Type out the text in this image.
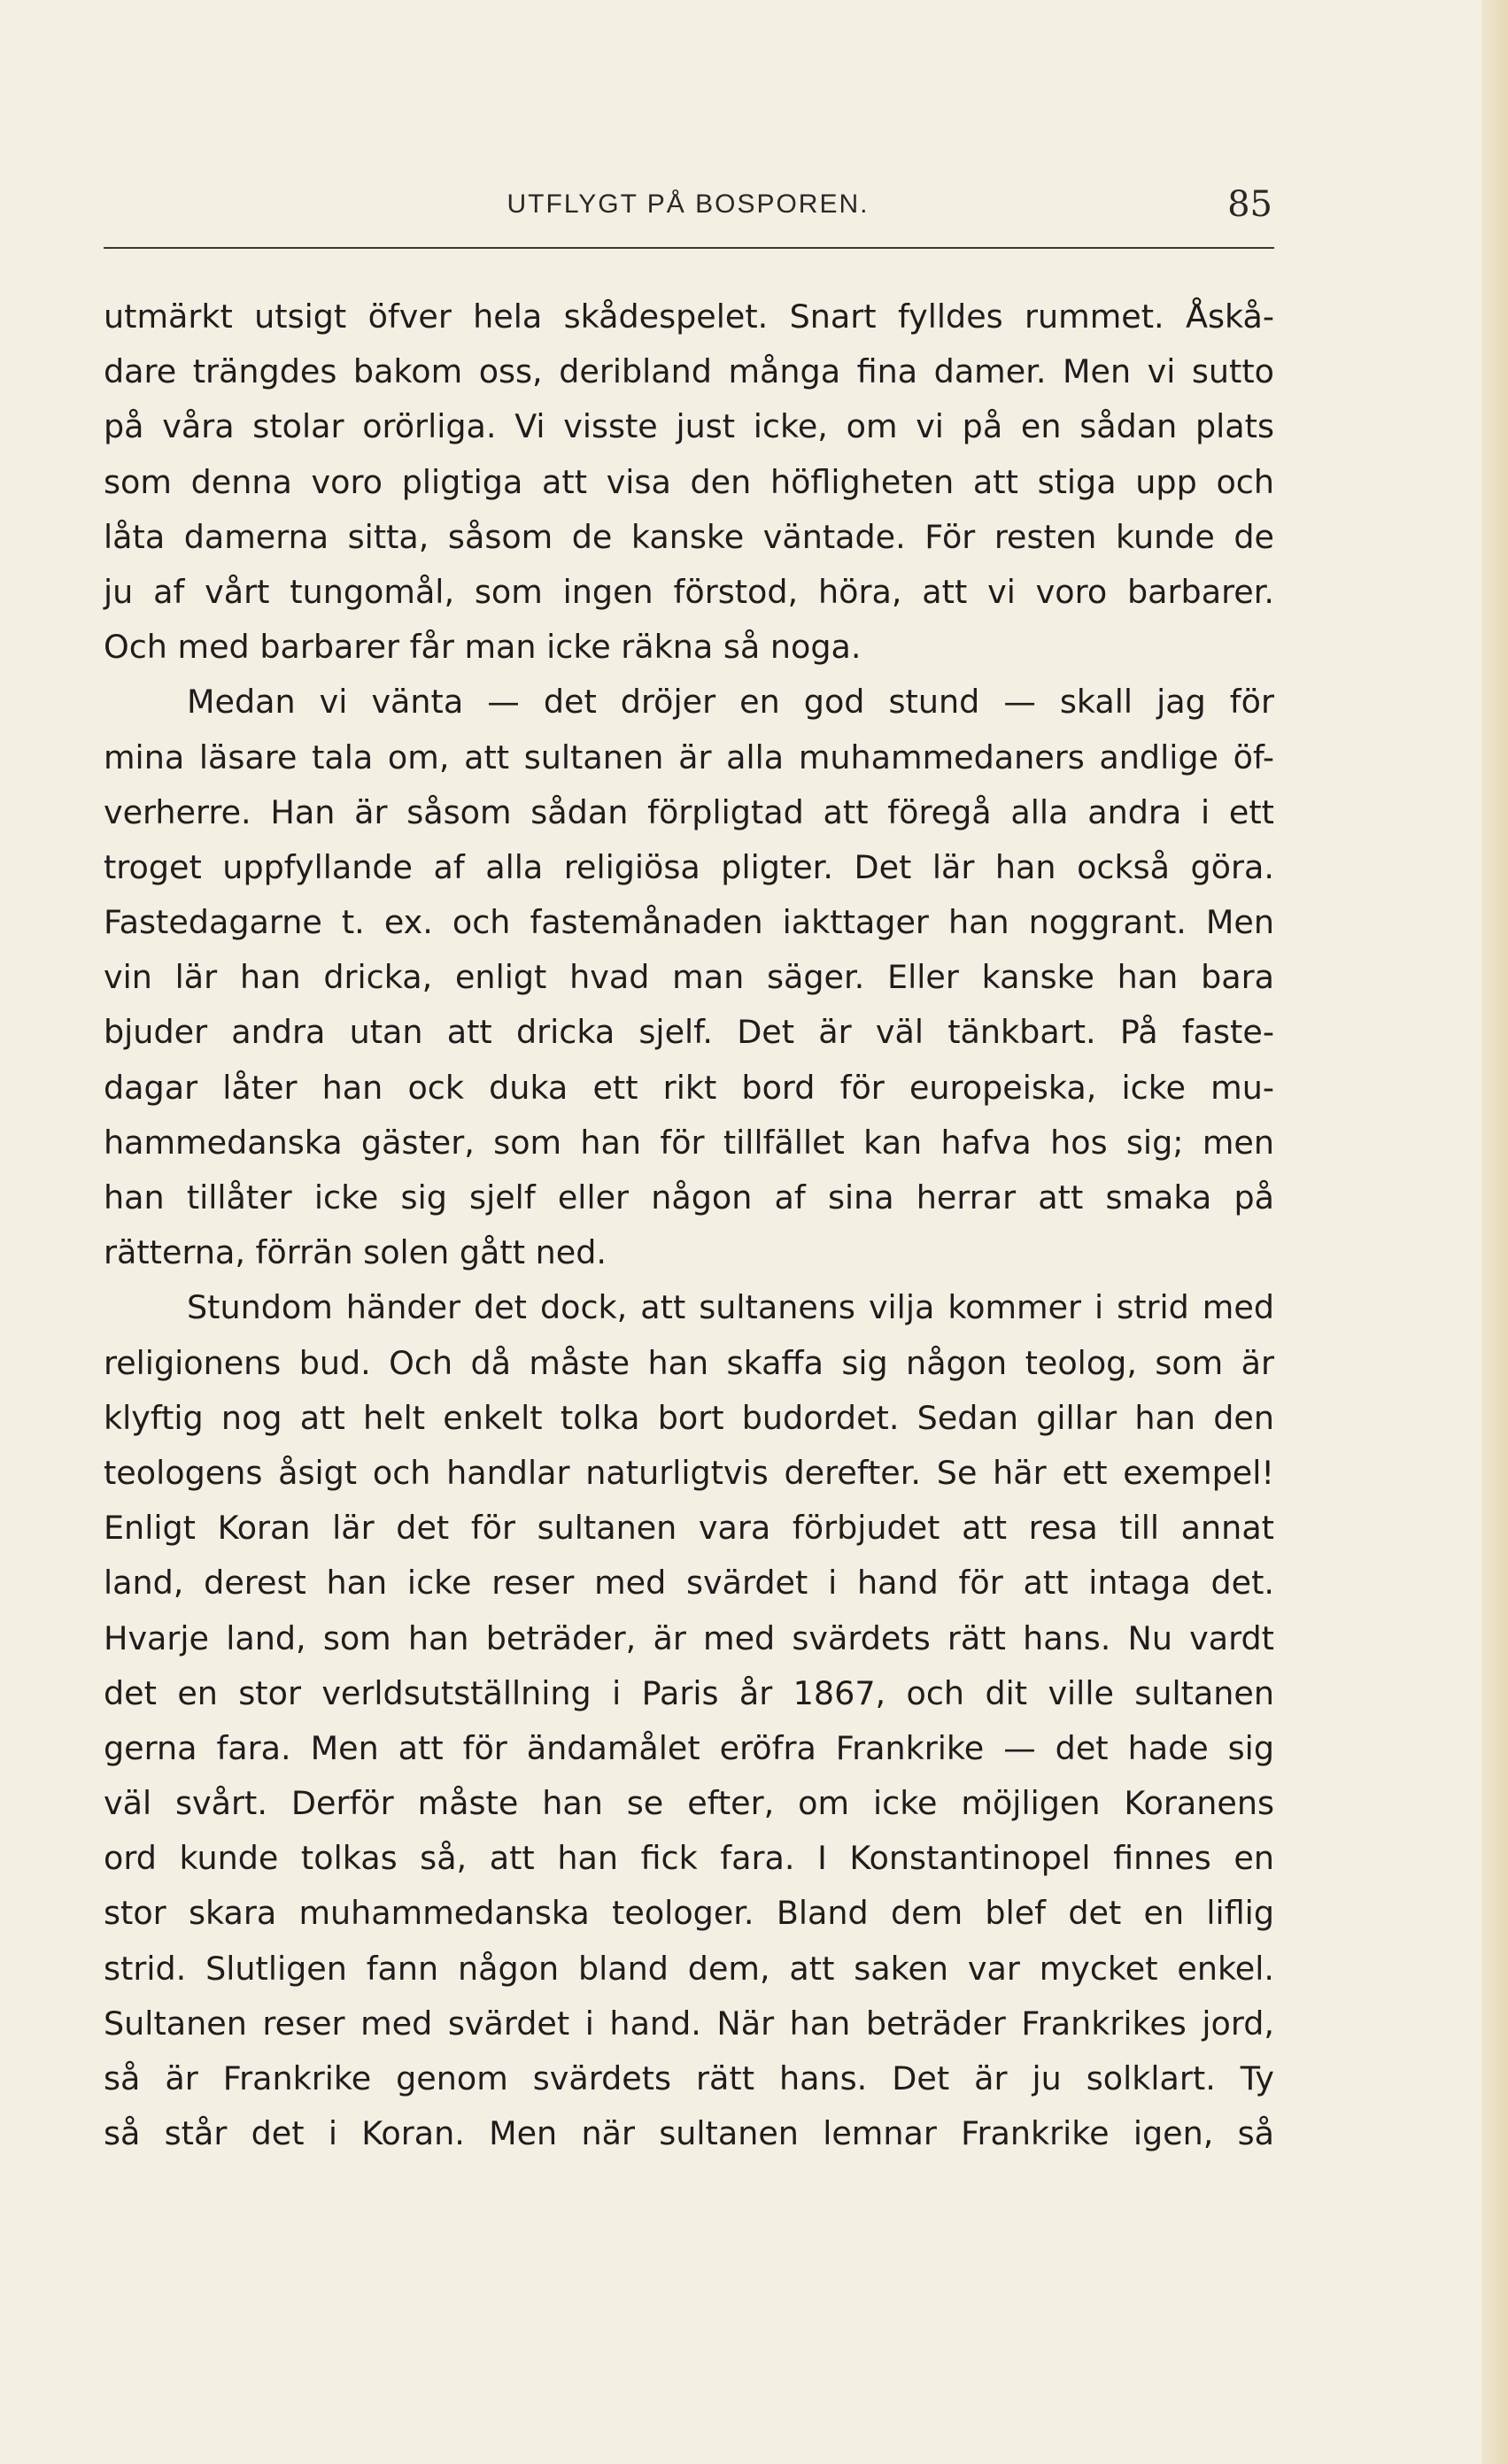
UTFLYGT PÅ BOSPOREN.	85
utmärkt utsigt öfver hela skådespelet. Snart fylldes rummet. Åskå-
dare trängdes bakom oss, deribland många fina damer. Men vi sutto
på våra stolar orörliga. Vi visste just icke, om vi på en sådan plats
som denna voro pligtiga att visa den höfligheten att stiga upp och
låta damerna sitta, såsom de kanske väntade. För resten kunde de
ju af vårt tungomål, som ingen förstod, höra, att vi voro barbarer.
Och med barbarer får man icke räkna så noga.
Medan vi vänta — det dröjer en god stund — skall jag för
mina läsare tala om, att sultanen är alla muhammedaners andlige öf-
verherre. Han är såsom sådan förpligtad att föregå alla andra i ett
troget uppfyllande af alla religiösa pligter. Det lär han också göra.
Fastedagarne t. ex. och fastemånaden iakttager han noggrant. Men
vin lär han dricka, enligt hvad man säger. Eller kanske han bara
bjuder andra utan att dricka sjelf. Det är väl tänkbart. På faste-
dagar låter han ock duka ett rikt bord för europeiska, icke mu-
hammedanska gäster, som han för tillfället kan hafva hos sig; men
han tillåter icke sig sjelf eller någon af sina herrar att smaka på
rätterna, förrän solen gått ned.
Stundom händer det dock, att sultanens vilja kommer i strid med
religionens bud. Och då måste han skaffa sig någon teolog, som är
klyftig nog att helt enkelt tolka bort budordet. Sedan gillar han den
teologens åsigt och handlar naturligtvis derefter. Se här ett exempel!
Enligt Koran lär det för sultanen vara förbjudet att resa till annat
land, derest han icke reser med svärdet i hand för att intaga det.
Hvarje land, som han beträder, är med svärdets rätt hans. Nu vardt
det en stor verldsutställning i Paris år 1867, och dit ville sultanen
gerna fara. Men att för ändamålet eröfra Frankrike — det hade sig
väl svårt. Derför måste han se efter, om icke möjligen Koranens
ord kunde tolkas så, att han fick fara. I Konstantinopel finnes en
stor skara muhammedanska teologer. Bland dem blef det en liflig
strid. Slutligen fann någon bland dem, att saken var mycket enkel.
Sultanen reser med svärdet i hand. När han beträder Frankrikes jord,
så är Frankrike genom svärdets rätt hans. Det är ju solklart. Ty
så står det i Koran. Men när sultanen lemnar Frankrike igen, så
